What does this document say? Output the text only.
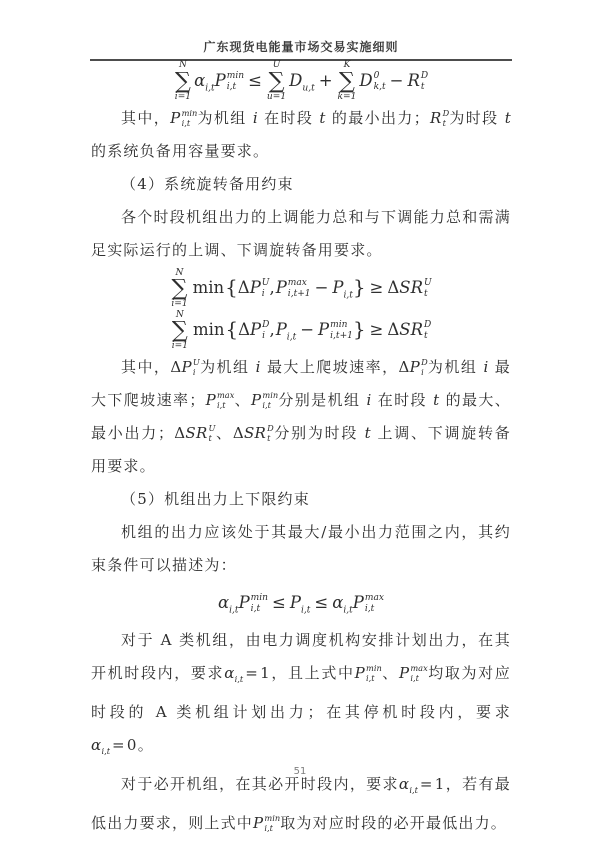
广东现货电能量市场交易实施细则
N
∑
i=1
$\alpha_{i,t}P$ min
i,t ≤
U
∑
u=1
$D_{u,t}$ +
K
∑
k=1
D 0
k,t − R D
t

其中，P min
i,t 为机组 i 在时段 t 的最小出力；R D
t 为时段 t 的系统负备用容量要求。

（4）系统旋转备用约束

各个时段机组出力的上调能力总和与下调能力总和需满足实际运行的上调、下调旋转备用要求。

N
∑
i=1
min{ΔP U
i ,P max
$i,t+1 - P_{i,t}\} \ge \Delta SR$ U
t
N
∑
i=1
min{ΔP D
i $,P_{i,t} - P$ min
i,t+1 } ≥ ΔSR D
t

其中，ΔP U
i 为机组 i 最大上爬坡速率，ΔP D
i 为机组 i 最大下爬坡速率；P max
i,t 、P min
i,t 分别是机组 i 在时段 t 的最大、最小出力；ΔSR U
t 、ΔSR D
t 分别为时段 t 上调、下调旋转备用要求。

（5）机组出力上下限约束

机组的出力应该处于其最大/最小出力范围之内，其约束条件可以描述为：

$\alpha_{i,t}P$ min
$i,t \le P_{i,t} \le \alpha_{i,t}P$ max
i,t

对于 A 类机组，由电力调度机构安排计划出力，在其开机时段内，要求$\alpha_{i,t} = 1$，且上式中P min
i,t 、P max
i,t 均取为对应时段的 A 类机组计划出力；在其停机时段内，要求$\alpha_{i,t} = 0$。

对于必开机组，在其必开时段内，要求$\alpha_{i,t} = 1$，若有最低出力要求，则上式中P min
i,t 取为对应时段的必开最低出力。

51
